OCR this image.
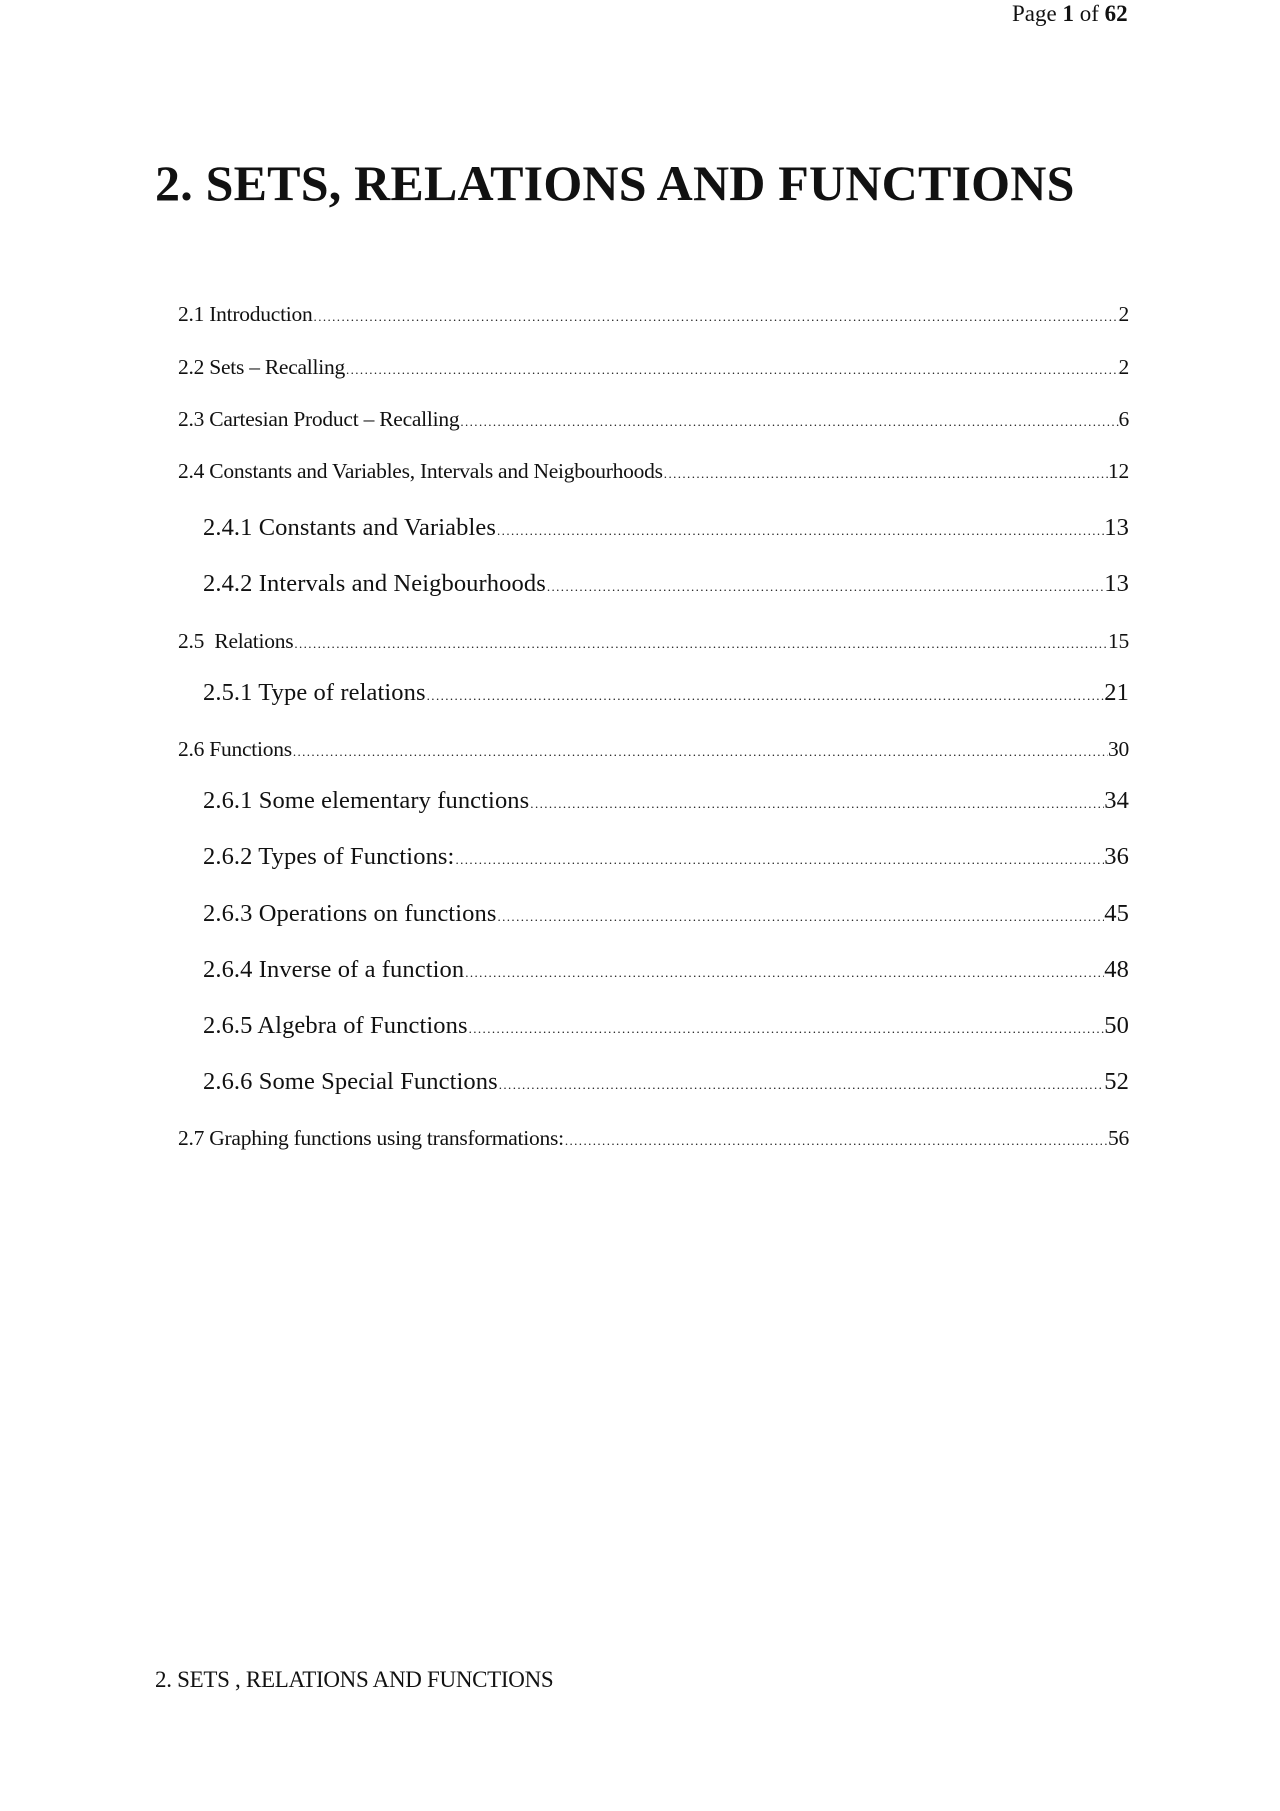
Page 1 of 62
2. SETS, RELATIONS AND FUNCTIONS
2.1 Introduction .....	2
2.2 Sets – Recalling .....	2
2.3 Cartesian Product – Recalling .....	6
2.4 Constants and Variables, Intervals and Neigbourhoods .....	12
2.4.1 Constants and Variables .....	13
2.4.2 Intervals and Neigbourhoods .....	13
2.5  Relations .....	15
2.5.1 Type of relations .....	21
2.6 Functions .....	30
2.6.1 Some elementary functions .....	34
2.6.2 Types of Functions: .....	36
2.6.3 Operations on functions .....	45
2.6.4 Inverse of a function .....	48
2.6.5 Algebra of Functions .....	50
2.6.6 Some Special Functions .....	52
2.7 Graphing functions using transformations: .....	56
2. SETS , RELATIONS AND FUNCTIONS
